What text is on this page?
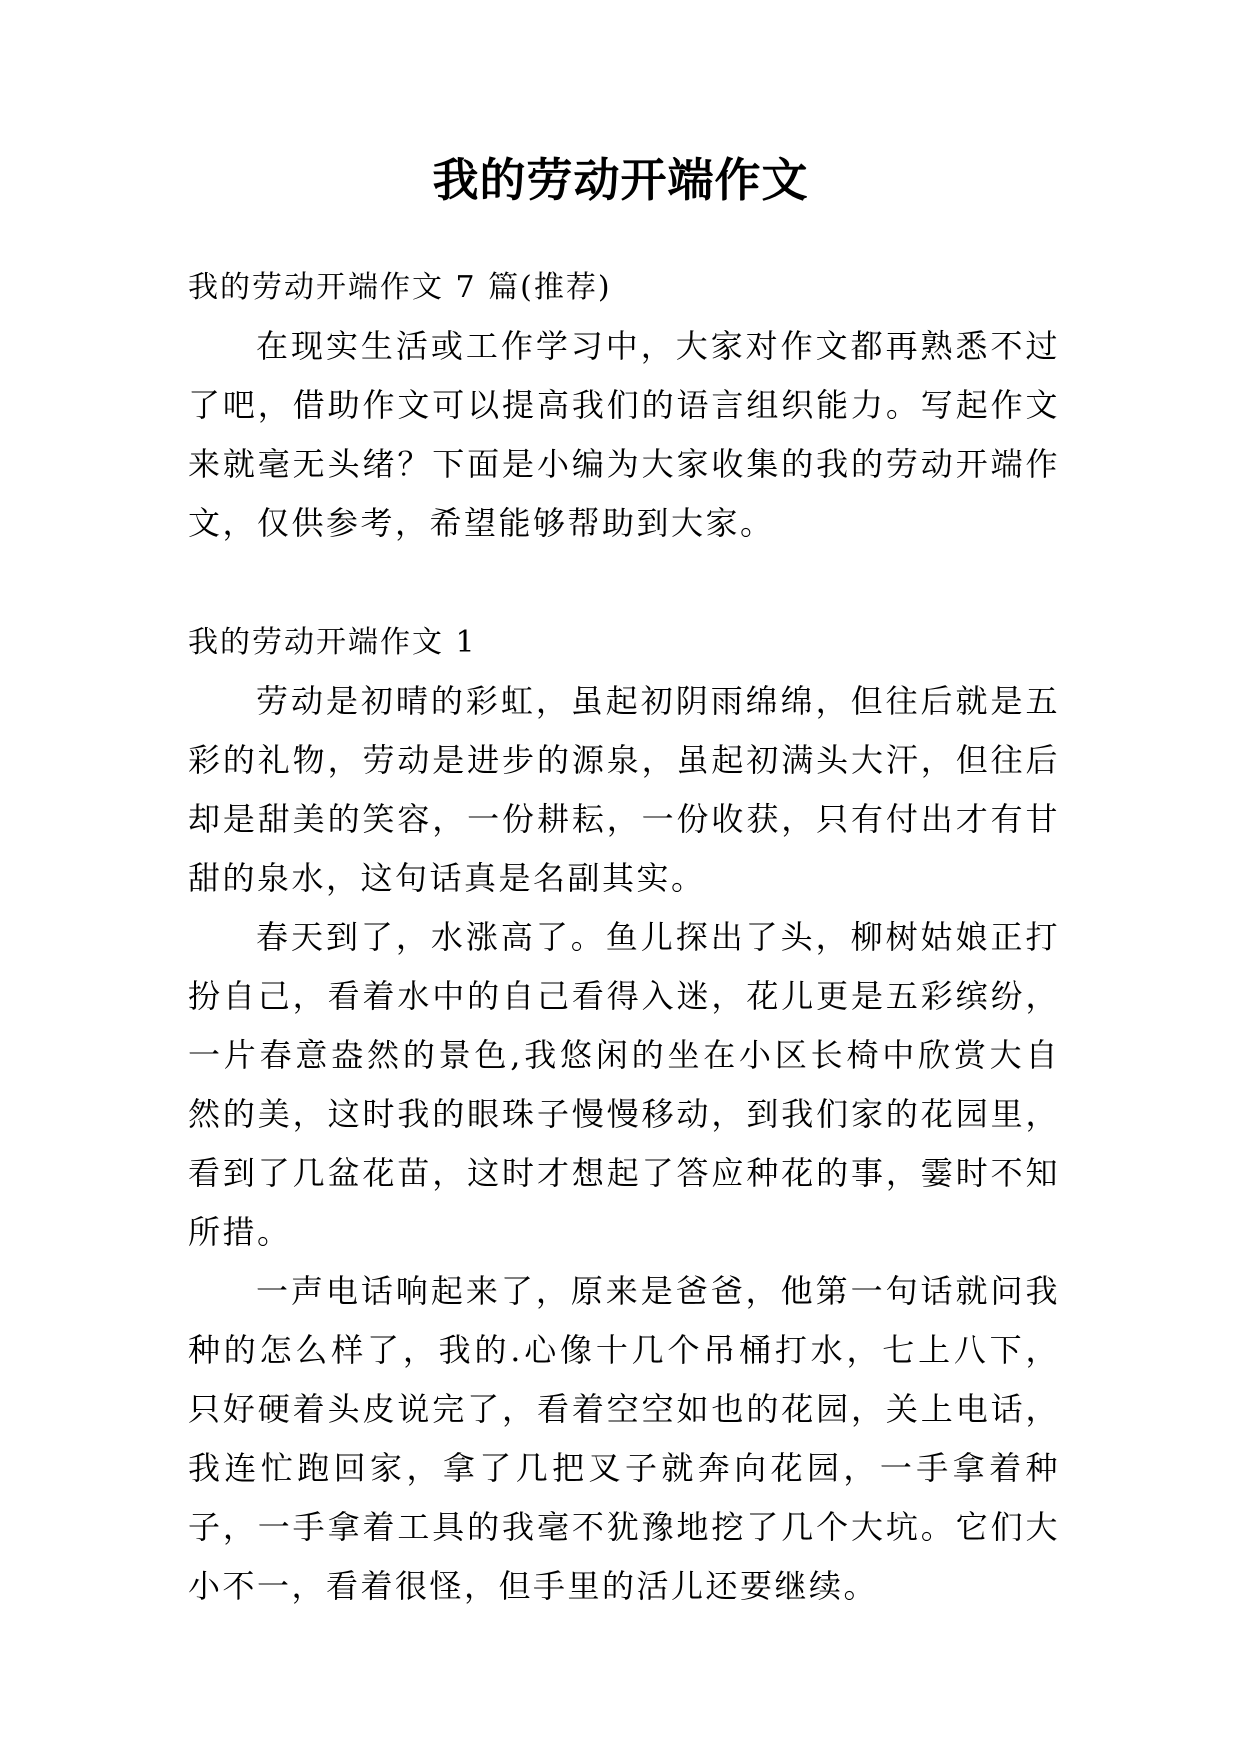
我的劳动开端作文

我的劳动开端作文 7 篇(推荐)

在现实生活或工作学习中，大家对作文都再熟悉不过了吧，借助作文可以提高我们的语言组织能力。写起作文来就毫无头绪？下面是小编为大家收集的我的劳动开端作文，仅供参考，希望能够帮助到大家。

我的劳动开端作文 1

劳动是初晴的彩虹，虽起初阴雨绵绵，但往后就是五彩的礼物，劳动是进步的源泉，虽起初满头大汗，但往后却是甜美的笑容，一份耕耘，一份收获，只有付出才有甘甜的泉水，这句话真是名副其实。

春天到了，水涨高了。鱼儿探出了头，柳树姑娘正打扮自己，看着水中的自己看得入迷，花儿更是五彩缤纷，一片春意盎然的景色,我悠闲的坐在小区长椅中欣赏大自然的美，这时我的眼珠子慢慢移动，到我们家的花园里，看到了几盆花苗，这时才想起了答应种花的事，霎时不知所措。

一声电话响起来了，原来是爸爸，他第一句话就问我种的怎么样了，我的.心像十几个吊桶打水，七上八下，只好硬着头皮说完了，看着空空如也的花园，关上电话，我连忙跑回家，拿了几把叉子就奔向花园，一手拿着种子，一手拿着工具的我毫不犹豫地挖了几个大坑。它们大小不一，看着很怪，但手里的活儿还要继续。
